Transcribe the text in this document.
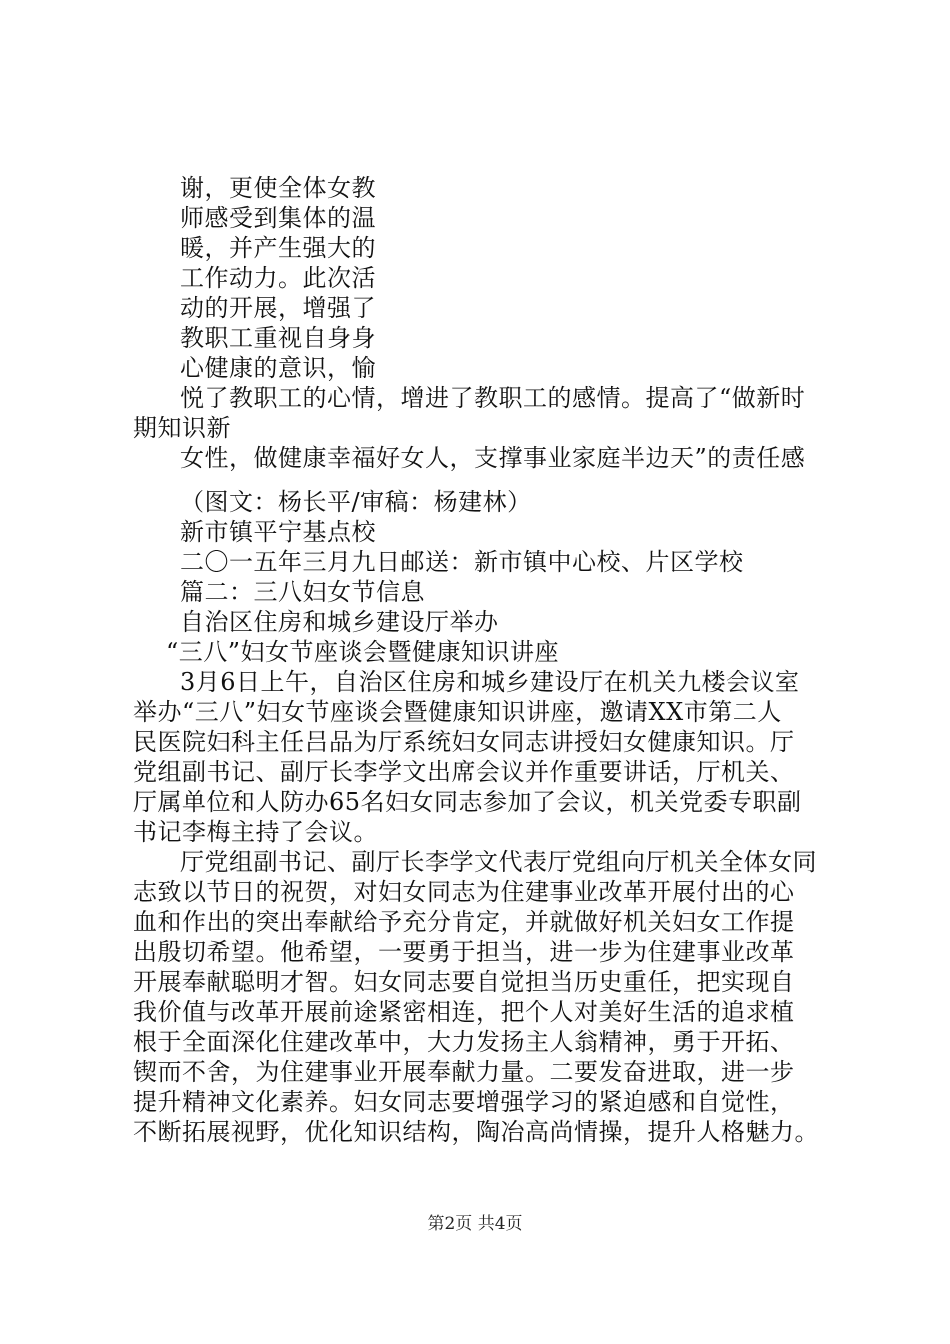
谢，更使全体女教
师感受到集体的温
暖，并产生强大的
工作动力。此次活
动的开展，增强了
教职工重视自身身
心健康的意识，愉
悦了教职工的心情，增进了教职工的感情。提高了“做新时
期知识新
女性，做健康幸福好女人，支撑事业家庭半边天”的责任感
（图文：杨长平/审稿：杨建林）
新市镇平宁基点校
二〇一五年三月九日邮送：新市镇中心校、片区学校
篇二：三八妇女节信息
自治区住房和城乡建设厅举办
“三八”妇女节座谈会暨健康知识讲座
3月6日上午，自治区住房和城乡建设厅在机关九楼会议室
举办“三八”妇女节座谈会暨健康知识讲座，邀请XX市第二人
民医院妇科主任吕品为厅系统妇女同志讲授妇女健康知识。厅
党组副书记、副厅长李学文出席会议并作重要讲话，厅机关、
厅属单位和人防办65名妇女同志参加了会议，机关党委专职副
书记李梅主持了会议。
厅党组副书记、副厅长李学文代表厅党组向厅机关全体女同
志致以节日的祝贺，对妇女同志为住建事业改革开展付出的心
血和作出的突出奉献给予充分肯定，并就做好机关妇女工作提
出殷切希望。他希望，一要勇于担当，进一步为住建事业改革
开展奉献聪明才智。妇女同志要自觉担当历史重任，把实现自
我价值与改革开展前途紧密相连，把个人对美好生活的追求植
根于全面深化住建改革中，大力发扬主人翁精神，勇于开拓、
锲而不舍，为住建事业开展奉献力量。二要发奋进取，进一步
提升精神文化素养。妇女同志要增强学习的紧迫感和自觉性，
不断拓展视野，优化知识结构，陶冶高尚情操，提升人格魅力。
第2页 共4页
